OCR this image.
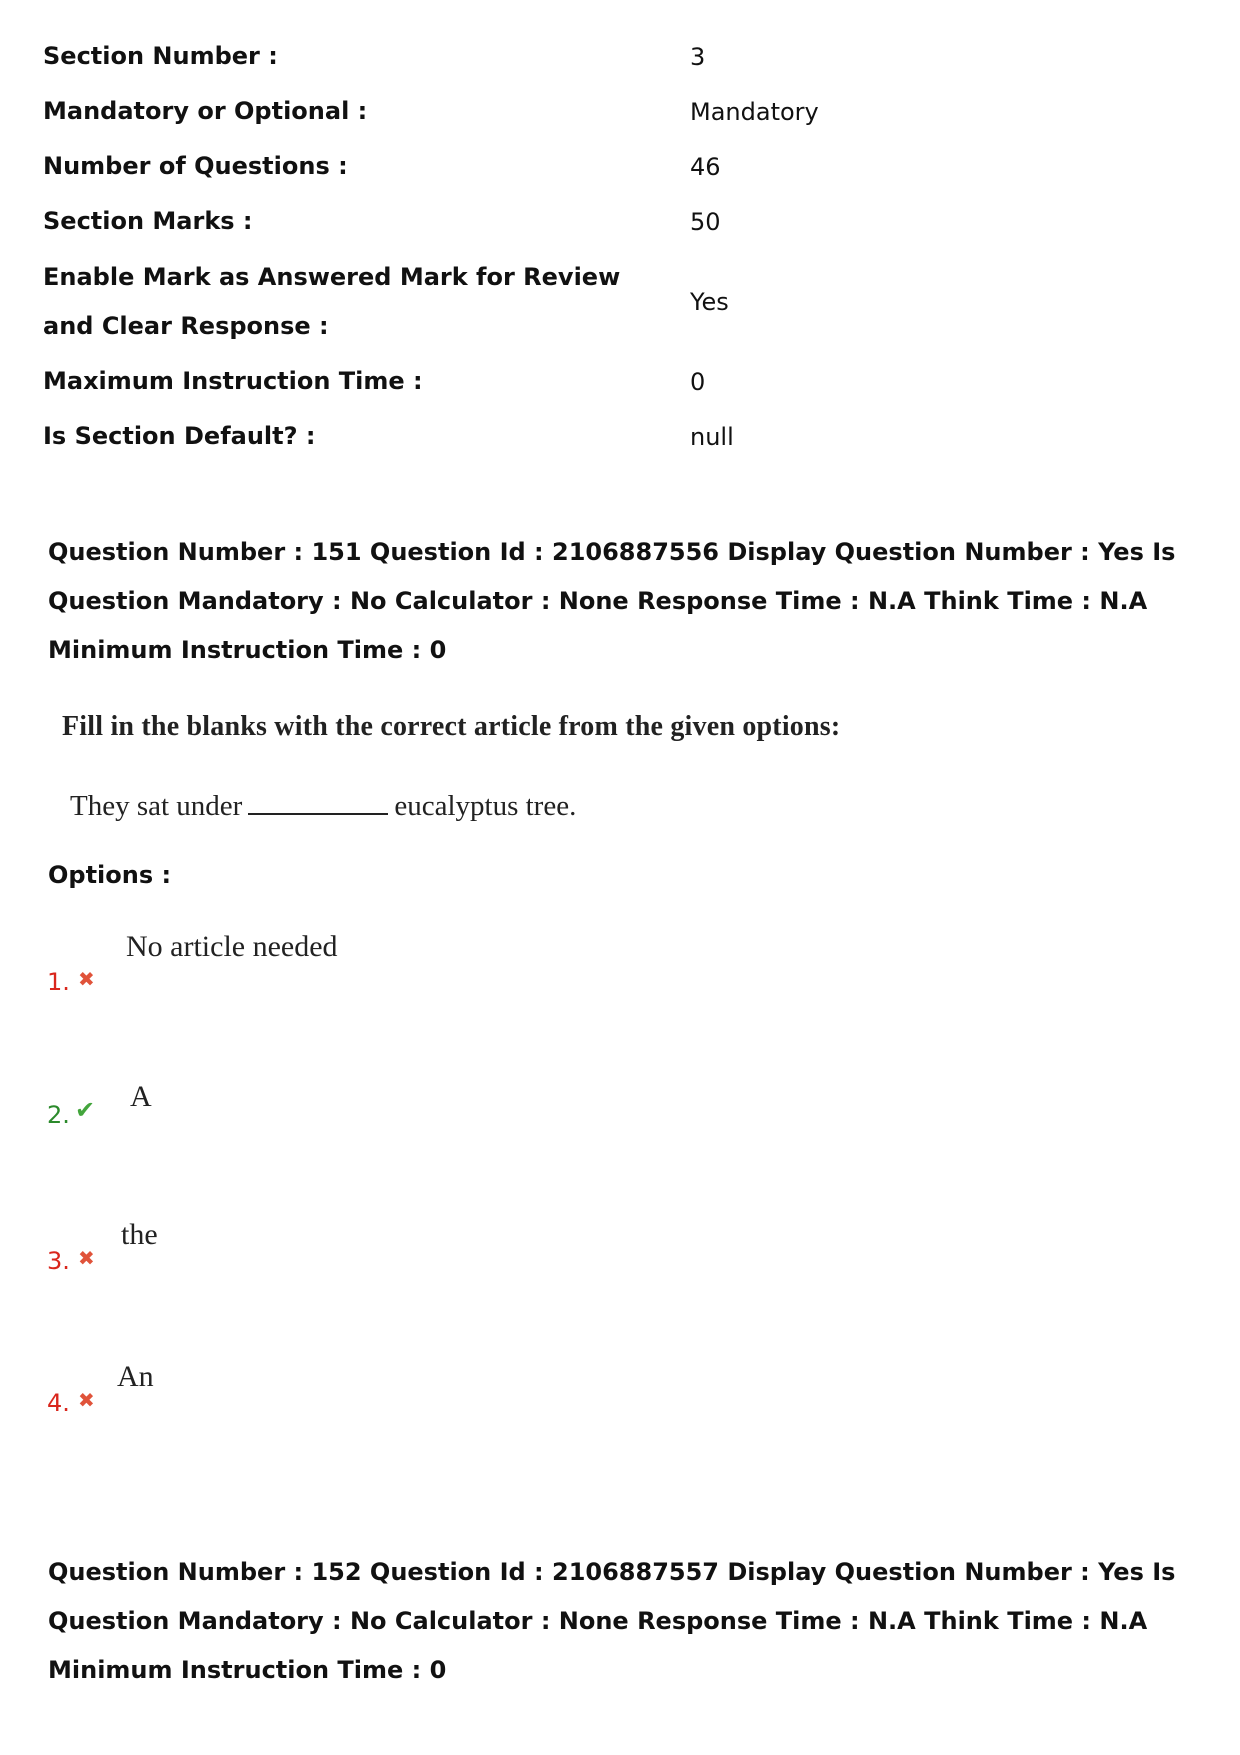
Section Number :	3
Mandatory or Optional :	Mandatory
Number of Questions :	46
Section Marks :	50
Enable Mark as Answered Mark for Review and Clear Response :
Yes
Maximum Instruction Time :	0
Is Section Default? :	null
Question Number : 151 Question Id : 2106887556 Display Question Number : Yes Is Question Mandatory : No Calculator : None Response Time : N.A Think Time : N.A Minimum Instruction Time : 0
Fill in the blanks with the correct article from the given options:
They sat under	eucalyptus tree.
Options :
1. ✖
No article needed
2. ✔ A
3. ✖
the
4. ✖
An
Question Number : 152 Question Id : 2106887557 Display Question Number : Yes Is Question Mandatory : No Calculator : None Response Time : N.A Think Time : N.A Minimum Instruction Time : 0
